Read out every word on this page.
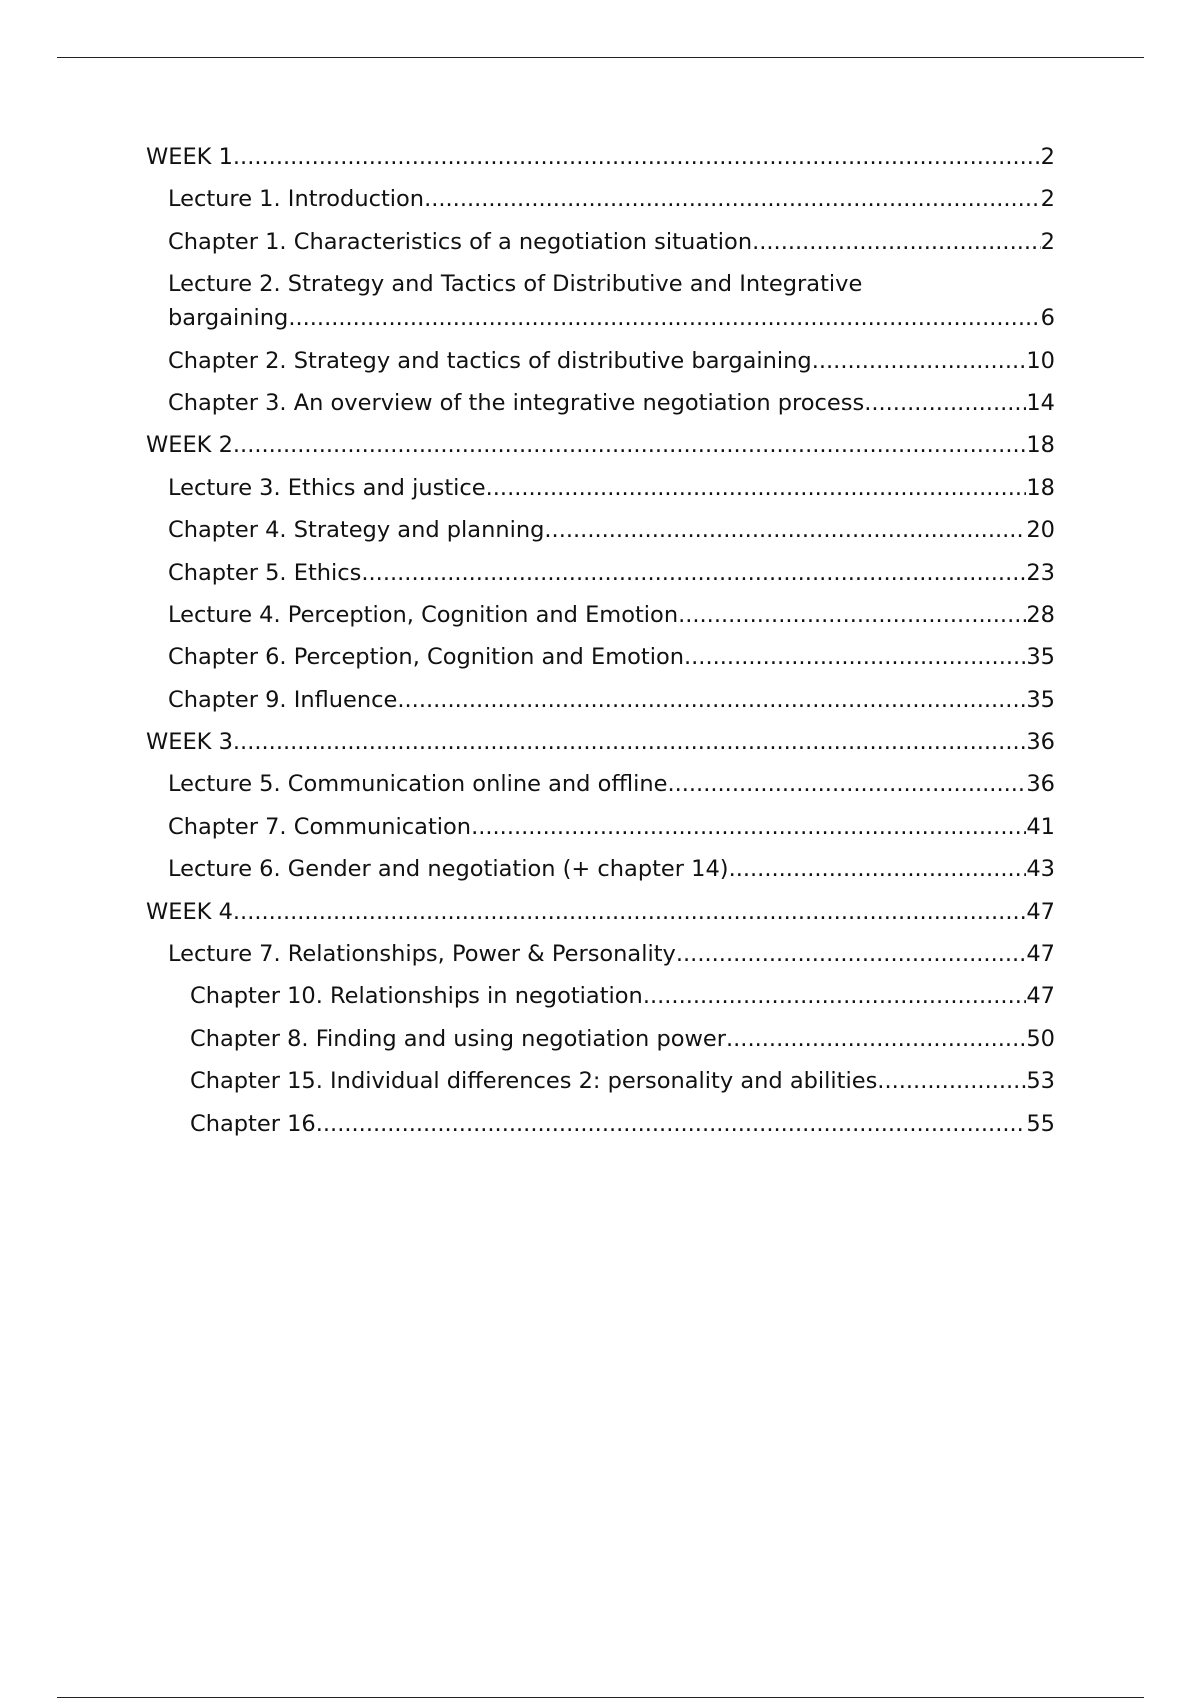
WEEK 1 .....	2
Lecture 1. Introduction .....	2
Chapter 1. Characteristics of a negotiation situation .....	2
Lecture 2. Strategy and Tactics of Distributive and Integrative
bargaining .....	6
Chapter 2. Strategy and tactics of distributive bargaining .....	10
Chapter 3. An overview of the integrative negotiation process .....	14
WEEK 2 .....	18
Lecture 3. Ethics and justice .....	18
Chapter 4. Strategy and planning .....	20
Chapter 5. Ethics .....	23
Lecture 4. Perception, Cognition and Emotion .....	28
Chapter 6. Perception, Cognition and Emotion .....	35
Chapter 9. Influence .....	35
WEEK 3 .....	36
Lecture 5. Communication online and offline .....	36
Chapter 7. Communication .....	41
Lecture 6. Gender and negotiation (+ chapter 14) .....	43
WEEK 4 .....	47
Lecture 7. Relationships, Power & Personality .....	47
Chapter 10. Relationships in negotiation .....	47
Chapter 8. Finding and using negotiation power .....	50
Chapter 15. Individual differences 2: personality and abilities .....	53
Chapter 16 .....	55
